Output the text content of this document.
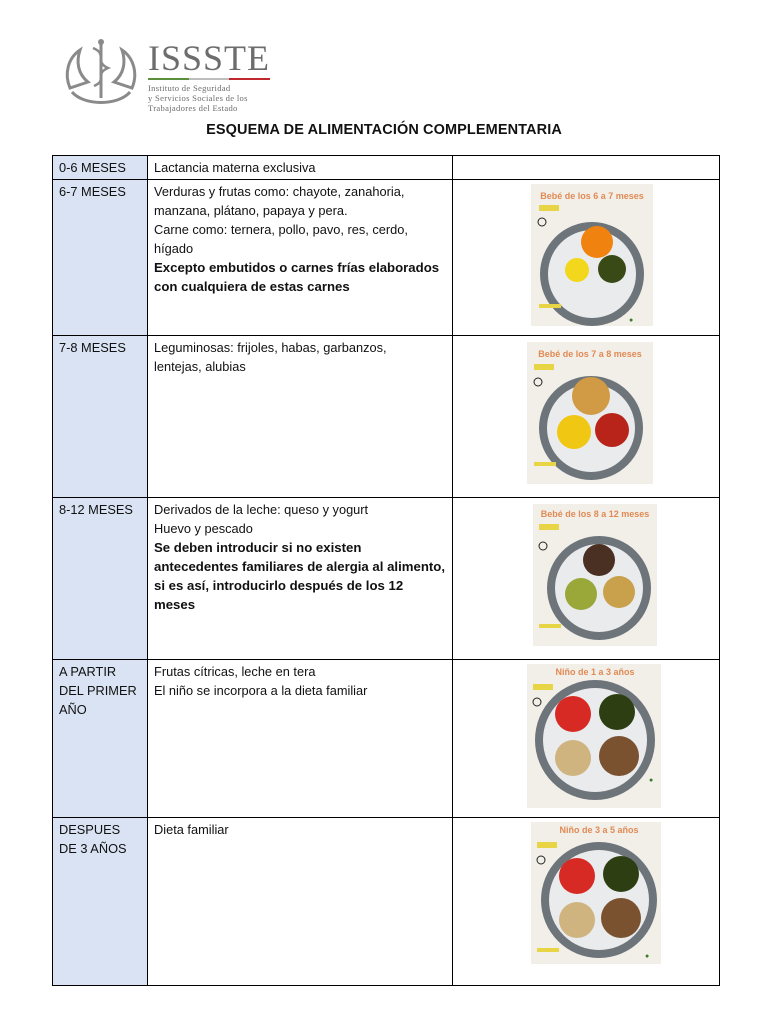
ISSSTE
Instituto de Seguridad
y Servicios Sociales de los
Trabajadores del Estado
ESQUEMA DE ALIMENTACIÓN COMPLEMENTARIA
0-6 MESES	Lactancia materna exclusiva	

6-7 MESES	Verduras y frutas como: chayote, zanahoria,
manzana, plátano, papaya y pera.
Carne como: ternera, pollo, pavo, res, cerdo,
hígado
Excepto embutidos o carnes frías elaborados con cualquiera de estas carnes	Bebé de los 6 a 7 meses
●

7-8 MESES	Leguminosas: frijoles, habas, garbanzos,
lentejas, alubias	Bebé de los 7 a 8 meses

8-12 MESES	Derivados de la leche: queso y yogurt
Huevo y pescado
Se deben introducir si no existen antecedentes familiares de alergia al alimento, si es así, introducirlo después de los 12 meses	Bebé de los 8 a 12 meses

A PARTIR DEL PRIMER AÑO	Frutas cítricas, leche en tera
El niño se incorpora a la dieta familiar	Niño de 1 a 3 años
●

DESPUES DE 3 AÑOS	Dieta familiar	Niño de 3 a 5 años
●
